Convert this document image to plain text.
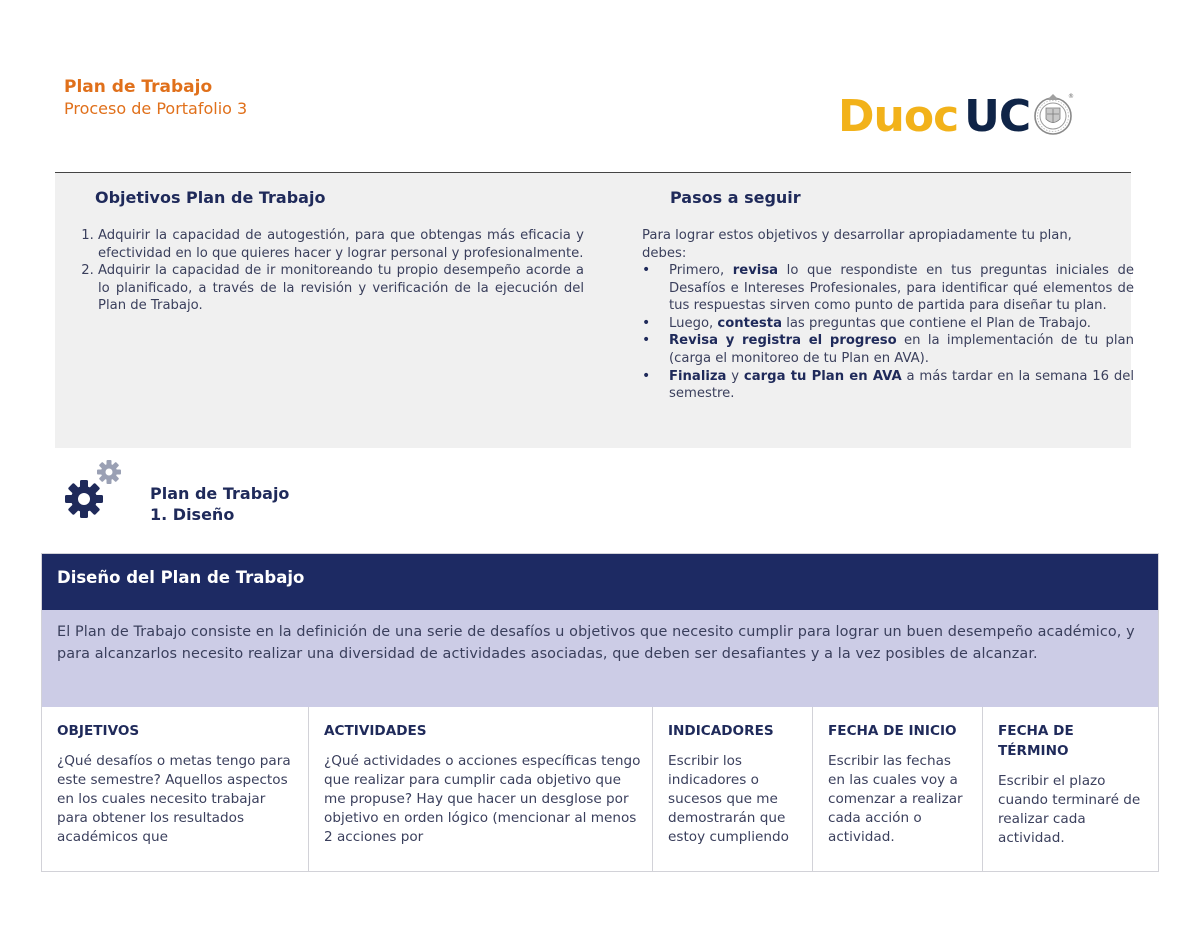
Plan de Trabajo
Proceso de Portafolio 3	Duoc UC	®
Objetivos Plan de Trabajo
1. Adquirir la capacidad de autogestión, para que obtengas más eficacia y efectividad en lo que quieres hacer y lograr personal y profesionalmente.
2. Adquirir la capacidad de ir monitoreando tu propio desempeño acorde a lo planificado, a través de la revisión y verificación de la ejecución del Plan de Trabajo.
Pasos a seguir
Para lograr estos objetivos y desarrollar apropiadamente tu plan, debes:
• Primero, revisa lo que respondiste en tus preguntas iniciales de Desafíos e Intereses Profesionales, para identificar qué elementos de tus respuestas sirven como punto de partida para diseñar tu plan.
• Luego, contesta las preguntas que contiene el Plan de Trabajo.
• Revisa y registra el progreso en la implementación de tu plan (carga el monitoreo de tu Plan en AVA).
• Finaliza y carga tu Plan en AVA a más tardar en la semana 16 del semestre.
Plan de Trabajo
1. Diseño
Diseño del Plan de Trabajo

El Plan de Trabajo consiste en la definición de una serie de desafíos u objetivos que necesito cumplir para lograr un buen desempeño académico, y para alcanzarlos necesito realizar una diversidad de actividades asociadas, que deben ser desafiantes y a la vez posibles de alcanzar.

OBJETIVOS
¿Qué desafíos o metas tengo para este semestre? Aquellos aspectos en los cuales necesito trabajar para obtener los resultados académicos que
ACTIVIDADES
¿Qué actividades o acciones específicas tengo que realizar para cumplir cada objetivo que me propuse? Hay que hacer un desglose por objetivo en orden lógico (mencionar al menos 2 acciones por
INDICADORES
Escribir los indicadores o sucesos que me demostrarán que estoy cumpliendo
FECHA DE INICIO
Escribir las fechas en las cuales voy a comenzar a realizar cada acción o actividad.
FECHA DE TÉRMINO
Escribir el plazo cuando terminaré de realizar cada actividad.
